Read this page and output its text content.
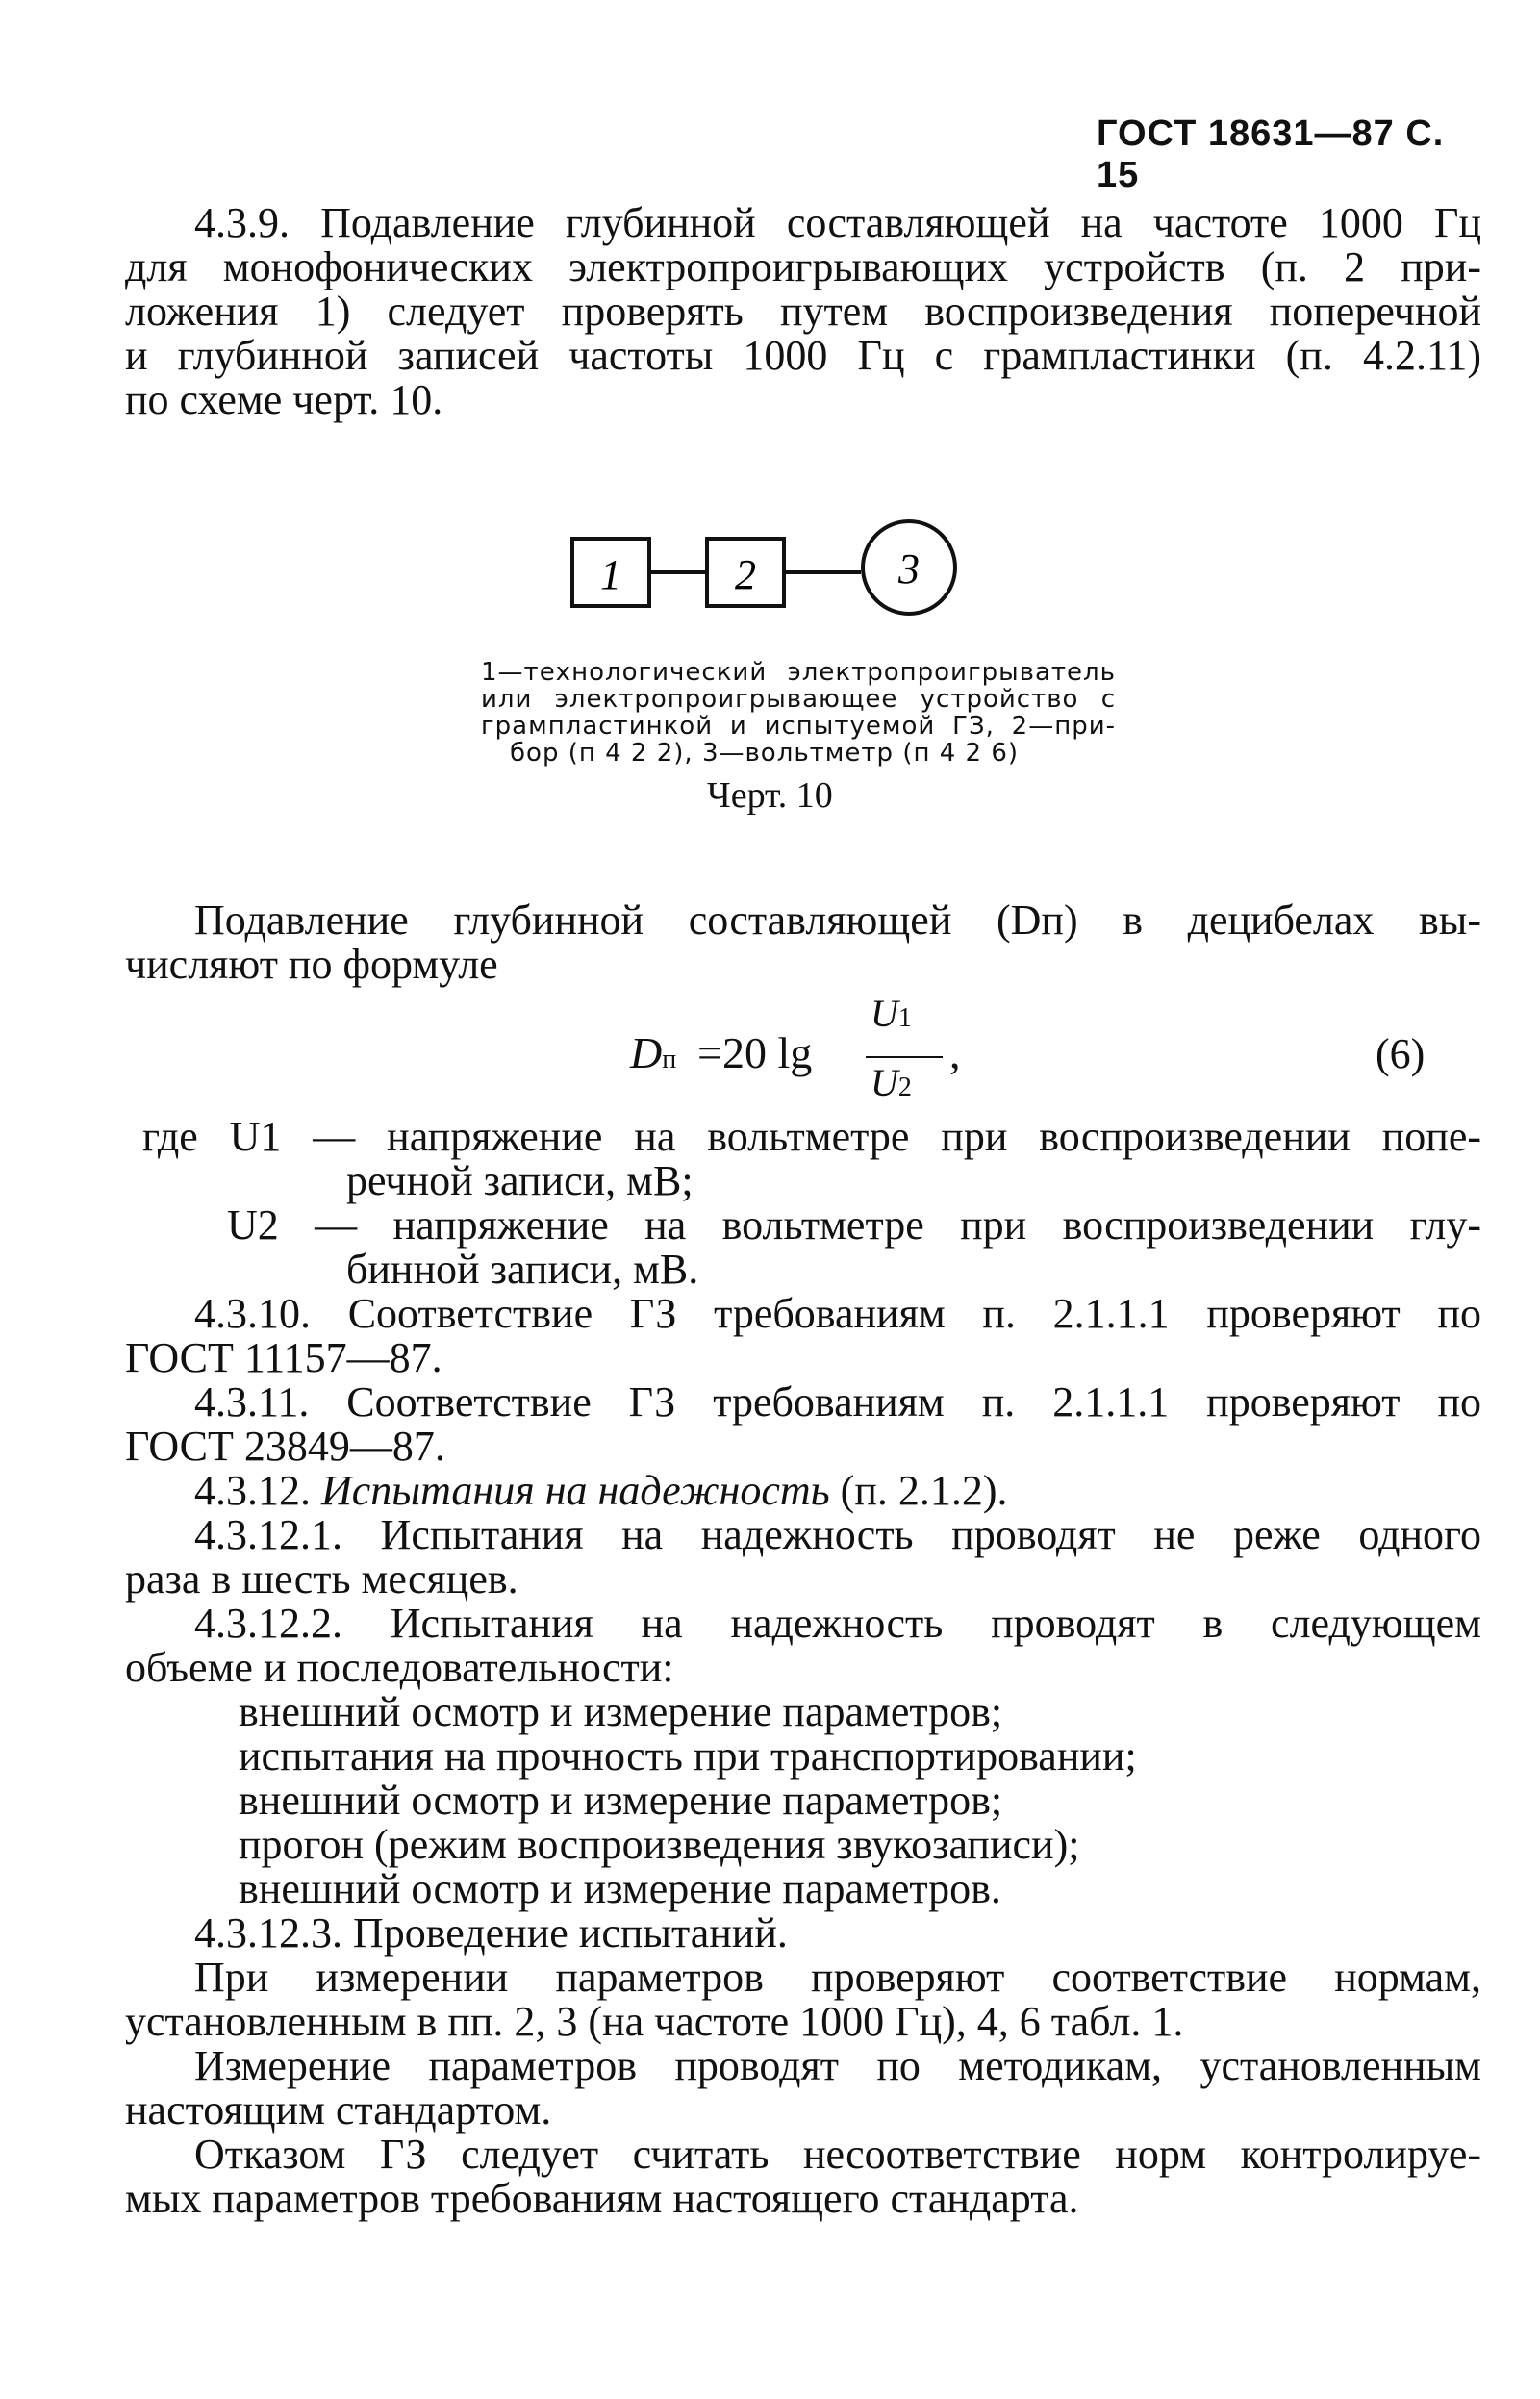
ГОСТ 18631—87 С. 15
4.3.9. Подавление глубинной составляющей на частоте 1000 Гц
для монофонических электропроигрывающих устройств (п. 2 при-
ложения 1) следует проверять путем воспроизведения поперечной
и глубинной записей частоты 1000 Гц с грампластинки (п. 4.2.11)
по схеме черт. 10.
1	2	3
1—технологический электропроигрыватель
или электропроигрывающее устройство с
грампластинкой и испытуемой ГЗ, 2—при-
бор (п 4 2 2), 3—вольтметр (п 4 2 6)
Черт. 10
Подавление глубинной составляющей (Dп) в децибелах вы-
числяют по формуле
Dп =20 lg
U1
U2
,	(6)
где U1 — напряжение на вольтметре при воспроизведении попе-
речной записи, мВ;
U2 — напряжение на вольтметре при воспроизведении глу-
бинной записи, мВ.
4.3.10. Соответствие ГЗ требованиям п. 2.1.1.1 проверяют по
ГОСТ 11157—87.
4.3.11. Соответствие ГЗ требованиям п. 2.1.1.1 проверяют по
ГОСТ 23849—87.
4.3.12. Испытания на надежность (п. 2.1.2).
4.3.12.1. Испытания на надежность проводят не реже одного
раза в шесть месяцев.
4.3.12.2. Испытания на надежность проводят в следующем
объеме и последовательности:
внешний осмотр и измерение параметров;
испытания на прочность при транспортировании;
внешний осмотр и измерение параметров;
прогон (режим воспроизведения звукозаписи);
внешний осмотр и измерение параметров.
4.3.12.3. Проведение испытаний.
При измерении параметров проверяют соответствие нормам,
установленным в пп. 2, 3 (на частоте 1000 Гц), 4, 6 табл. 1.
Измерение параметров проводят по методикам, установленным
настоящим стандартом.
Отказом ГЗ следует считать несоответствие норм контролируе-
мых параметров требованиям настоящего стандарта.
